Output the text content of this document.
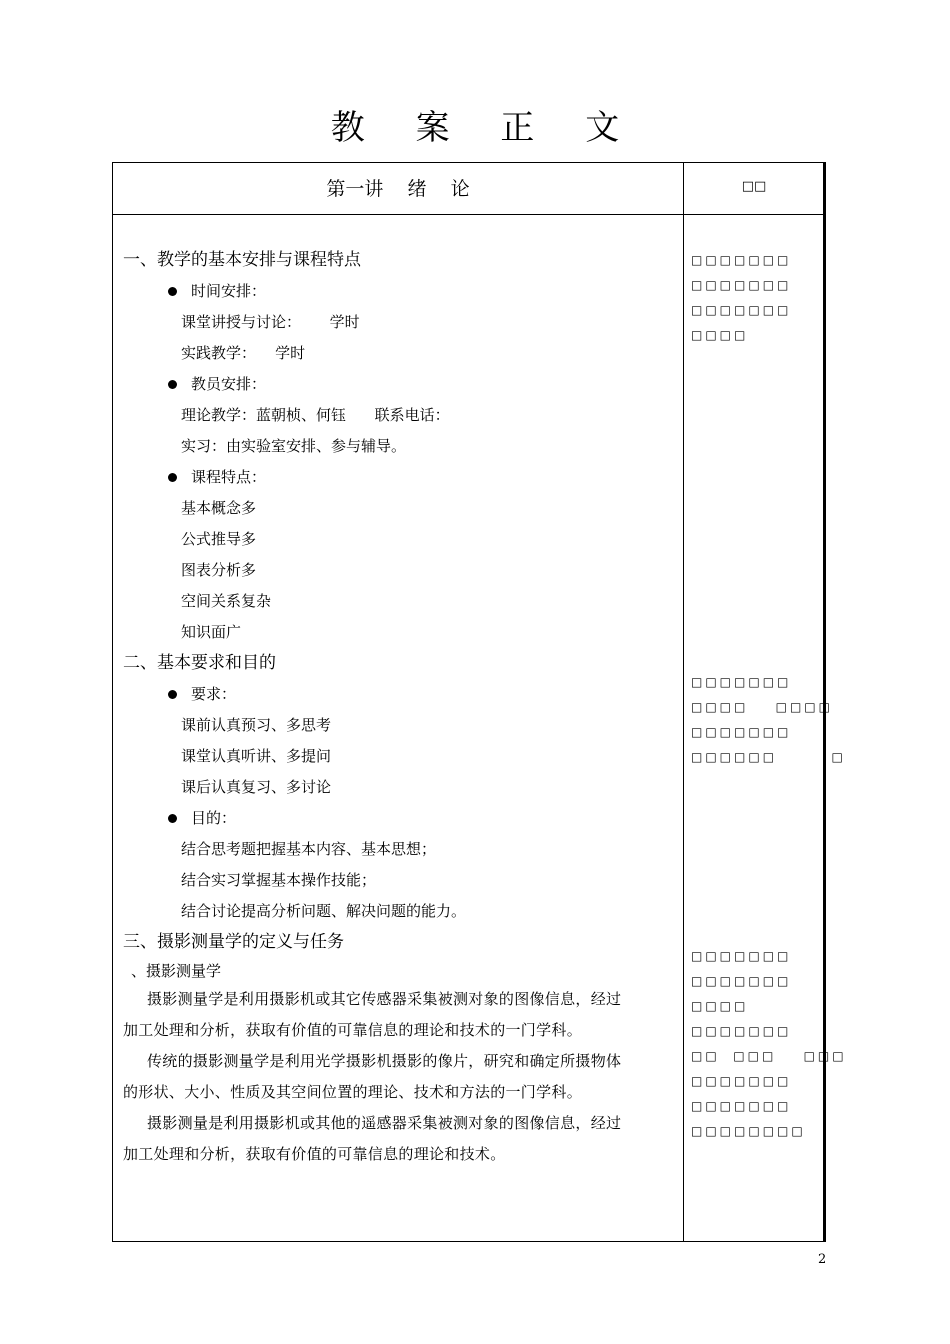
教 案 正 文
第一讲    绪    论	□□
一、教学的基本安排与课程特点
时间安排：
课堂讲授与讨论：      学时
实践教学：    学时
教员安排：
理论教学：蓝朝桢、何钰      联系电话：
实习：由实验室安排、参与辅导。
课程特点：
基本概念多
公式推导多
图表分析多
空间关系复杂
知识面广
二、基本要求和目的
要求：
课前认真预习、多思考
课堂认真听讲、多提问
课后认真复习、多讨论
目的：
结合思考题把握基本内容、基本思想；
结合实习掌握基本操作技能；
结合讨论提高分析问题、解决问题的能力。
三、摄影测量学的定义与任务
、摄影测量学
摄影测量学是利用摄影机或其它传感器采集被测对象的图像信息，经过
加工处理和分析，获取有价值的可靠信息的理论和技术的一门学科。
传统的摄影测量学是利用光学摄影机摄影的像片，研究和确定所摄物体
的形状、大小、性质及其空间位置的理论、技术和方法的一门学科。
摄影测量是利用摄影机或其他的遥感器采集被测对象的图像信息，经过
加工处理和分析，获取有价值的可靠信息的理论和技术。
□□□□□□□
□□□□□□□
□□□□□□□
□□□□
□□□□□□□
□□□□    □□□□
□□□□□□□
□□□□□□        □
□□□□□□□
□□□□□□□
□□□□
□□□□□□□
□□  □□□    □□□
□□□□□□□
□□□□□□□
□□□□□□□□
2
